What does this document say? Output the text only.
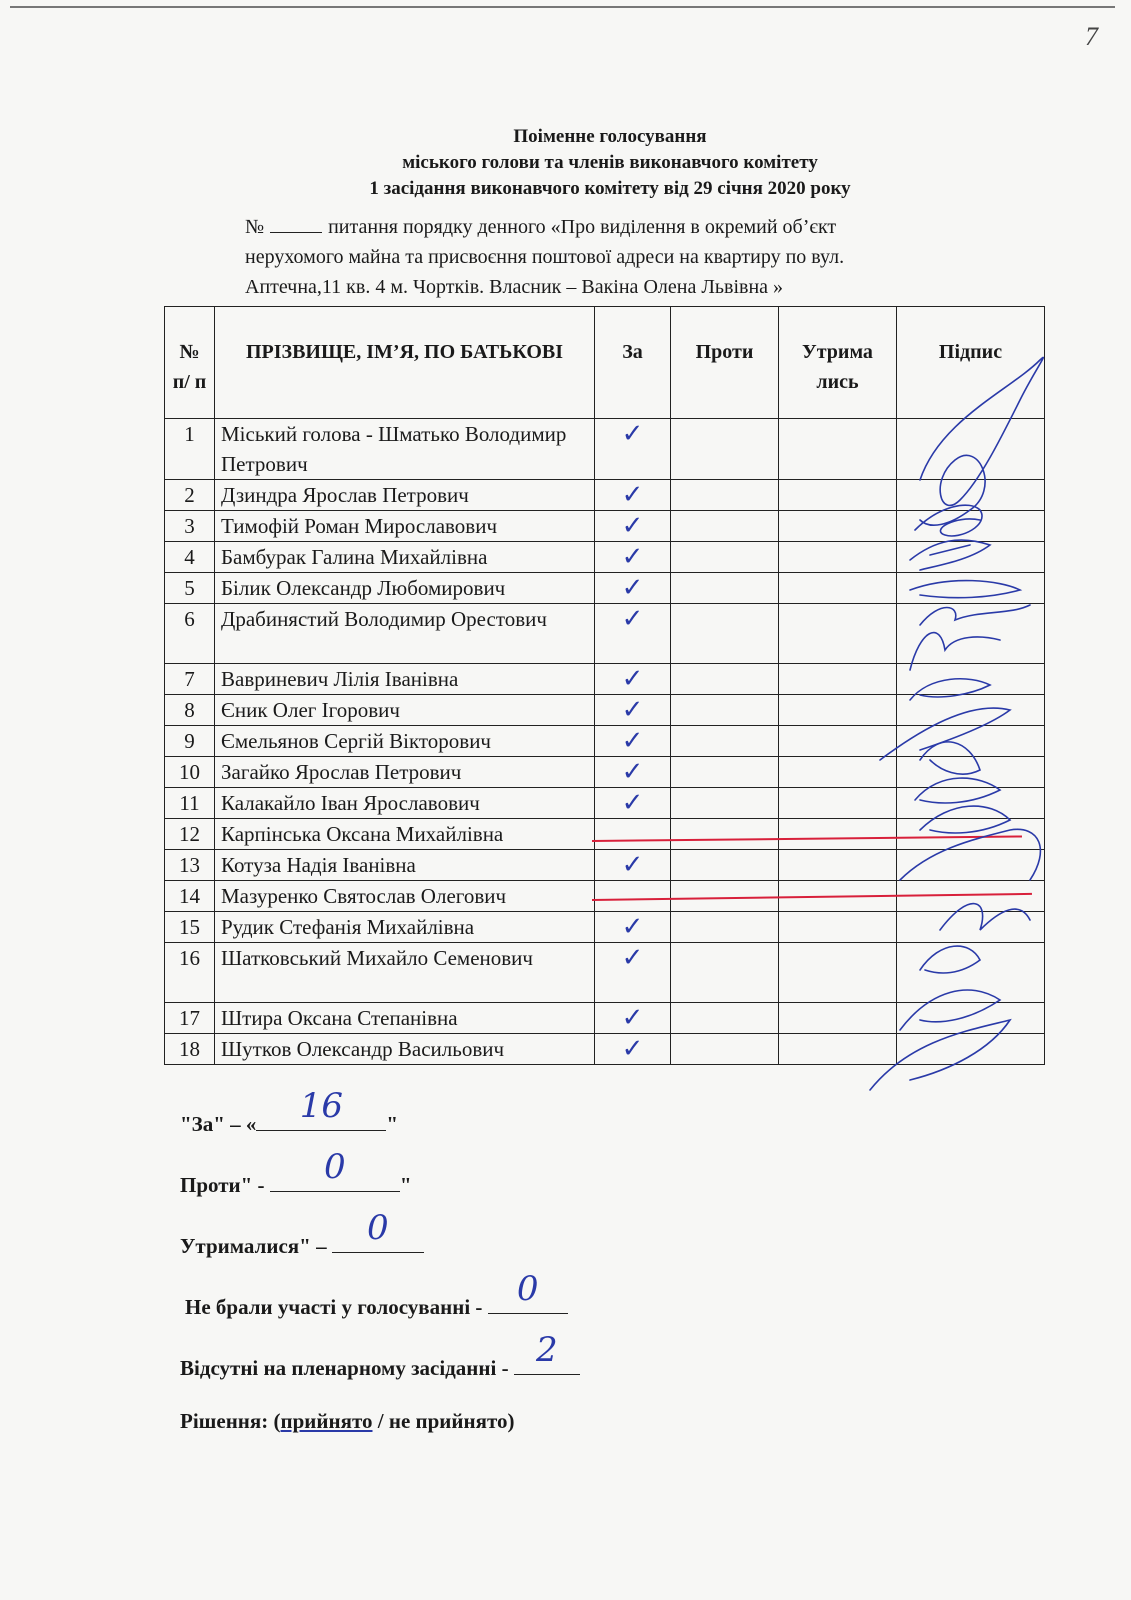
7
Поіменне голосування
міського голови та членів виконавчого комітету
1 засідання виконавчого комітету від 29 січня 2020 року
№	питання порядку денного «Про виділення в окремий об’єкт
нерухомого майна та присвоєння поштової адреси на квартиру по вул.
Аптечна,11 кв. 4 м. Чортків. Власник – Вакіна Олена Львівна »
№ п/ п	ПРІЗВИЩЕ, ІМ’Я, ПО БАТЬКОВІ	За	Проти	Утрима лись	Підпис
1	Міський голова - Шматько Володимир Петрович	✓			

2	Дзиндра Ярослав Петрович	✓			

3	Тимофій Роман Мирославович	✓			

4	Бамбурак Галина Михайлівна	✓			

5	Білик Олександр Любомирович	✓			

6	Драбинястий Володимир Орестович	✓			

7	Вавриневич Лілія Іванівна	✓			

8	Єник Олег Ігорович	✓			

9	Ємельянов Сергій Вікторович	✓			

10	Загайко Ярослав Петрович	✓			

11	Калакайло Іван Ярославович	✓			

12	Карпінська Оксана Михайлівна	

13	Котуза Надія Іванівна	✓			

14	Мазуренко Святослав Олегович	

15	Рудик Стефанія Михайлівна	✓			

16	Шатковський Михайло Семенович	✓			

17	Штира Оксана Степанівна	✓			

18	Шутков Олександр Васильович	✓			

"За" – «	16	"
Проти" -	0	"
Утрималися" –	0
Не брали участі у голосуванні -	0
Відсутні на пленарному засіданні - 2
Рішення: (прийнято / не прийнято)
